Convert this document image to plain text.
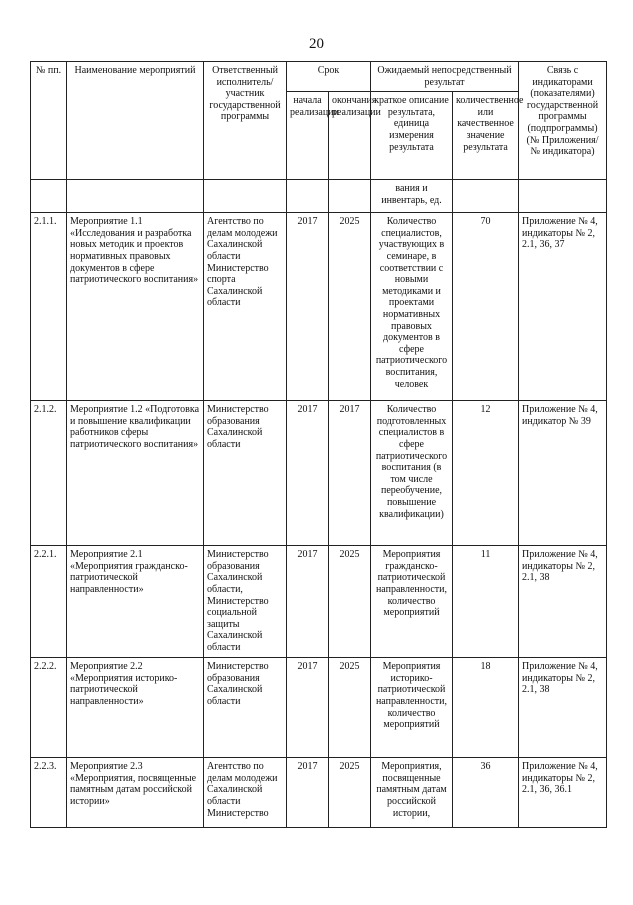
20
№ пп.	Наименование мероприятий	Ответственный исполнитель/участник государственной программы	Срок		Ожидаемый непосредственный результат		Связь с индикаторами (показателями) государственной программы (подпрограммы) (№ Приложения/№ индикатора)
			начала реализации	окончания реализации	краткое описание результата, единица измерения результата	количественное или качественное значение результата	
					вания и инвентарь, ед.		
2.1.1.	Мероприятие 1.1 «Исследования и разработка новых методик и проектов нормативных правовых документов в сфере патриотического воспитания»	Агентство по делам молодежи Сахалинской области Министерство спорта Сахалинской области	2017	2025	Количество специалистов, участвующих в семинаре, в соответствии с новыми методиками и проектами нормативных правовых документов в сфере патриотического воспитания, человек	70	Приложение № 4, индикаторы № 2, 2.1, 36, 37
2.1.2.	Мероприятие 1.2 «Подготовка и повышение квалификации работников сферы патриотического воспитания»	Министерство образования Сахалинской области	2017	2017	Количество подготовленных специалистов в сфере патриотического воспитания (в том числе переобучение, повышение квалификации)	12	Приложение № 4, индикатор № 39
2.2.1.	Мероприятие 2.1 «Мероприятия гражданско-патриотической направленности»	Министерство образования Сахалинской области, Министерство социальной защиты Сахалинской области	2017	2025	Мероприятия гражданско-патриотической направленности, количество мероприятий	11	Приложение № 4, индикаторы № 2, 2.1, 38
2.2.2.	Мероприятие 2.2 «Мероприятия историко-патриотической направленности»	Министерство образования Сахалинской области	2017	2025	Мероприятия историко-патриотической направленности, количество мероприятий	18	Приложение № 4, индикаторы № 2, 2.1, 38
2.2.3.	Мероприятие 2.3 «Мероприятия, посвященные памятным датам российской истории»	Агентство по делам молодежи Сахалинской области Министерство	2017	2025	Мероприятия, посвященные памятным датам российской истории,	36	Приложение № 4, индикаторы № 2, 2.1, 36, 36.1
